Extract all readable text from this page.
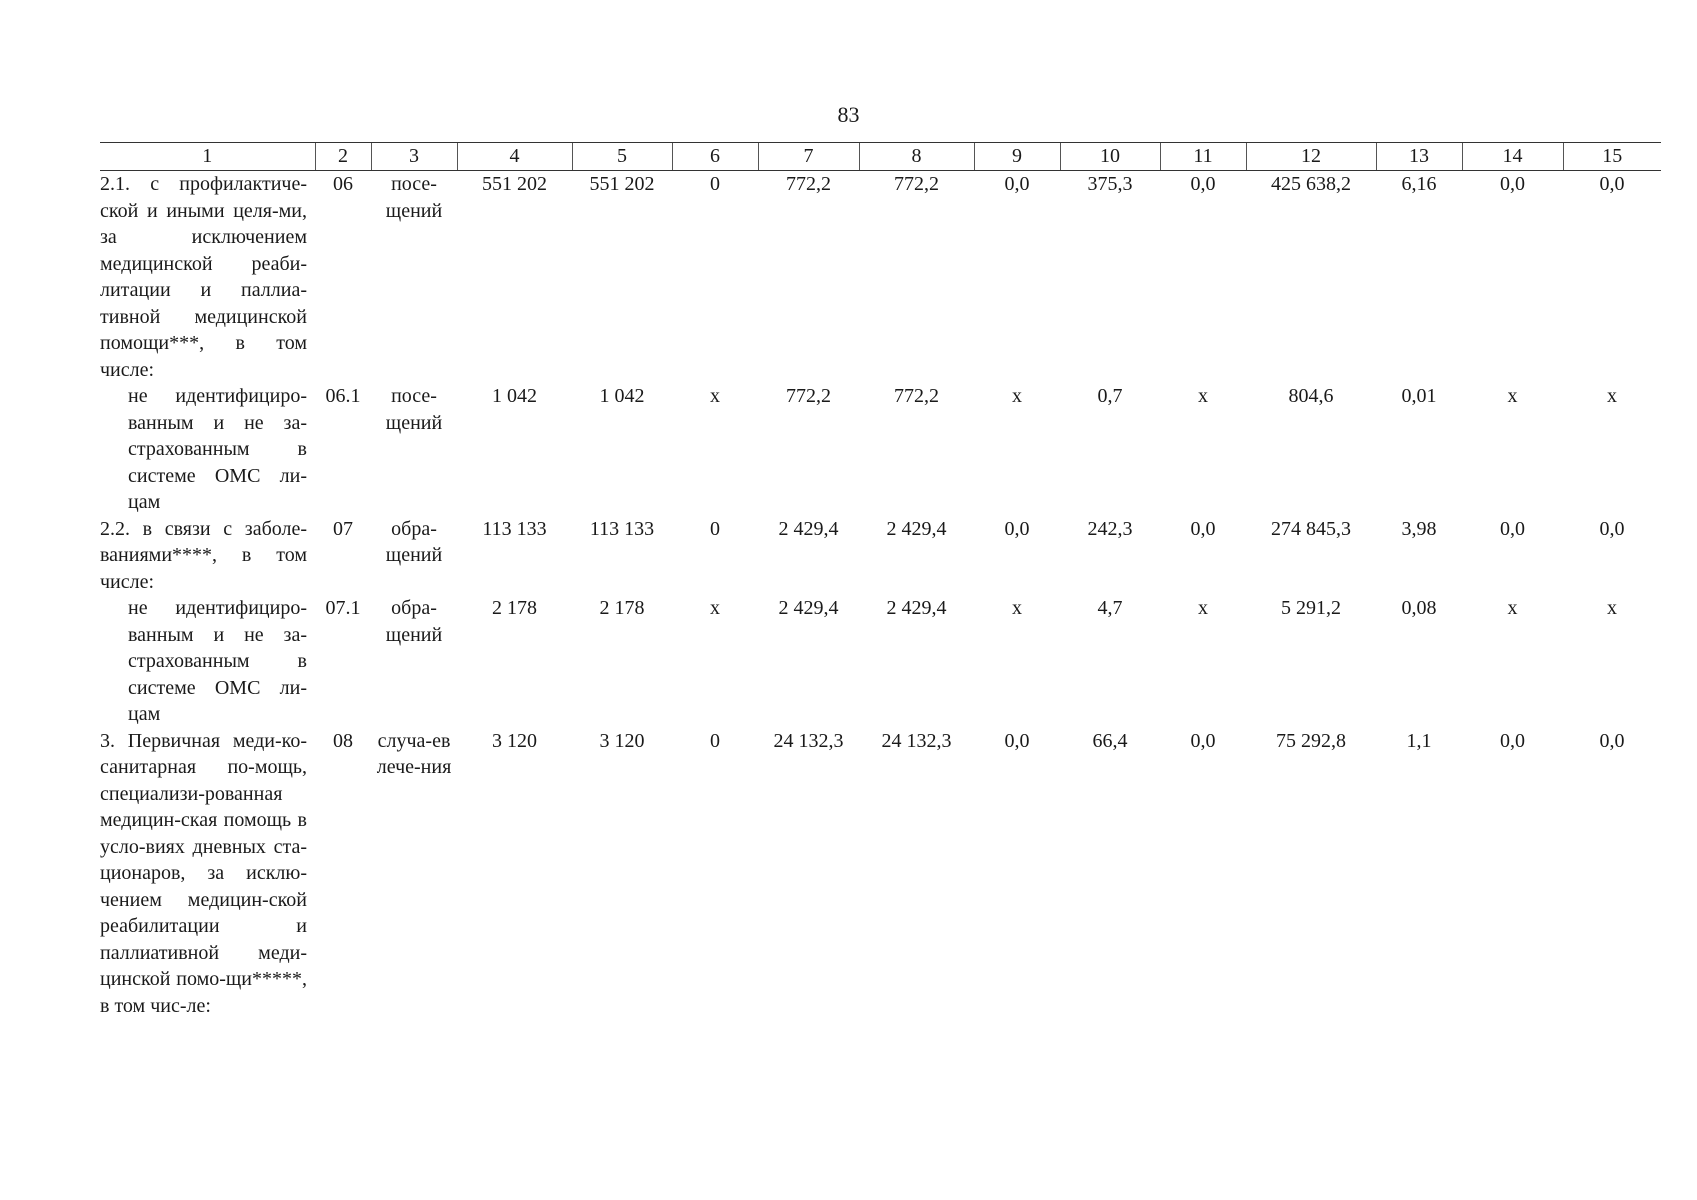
83
1	2	3	4	5	6	7	8	9	10	11	12	13	14	15
2.1. с профилактиче-ской и иными целя-ми, за исключением медицинской реаби-литации и паллиа-тивной медицинской помощи***, в том числе:	06	посе-щений	551 202	551 202	0	772,2	772,2	0,0	375,3	0,0	425 638,2	6,16	0,0	0,0
не идентифициро-ванным и не за-страхованным в системе ОМС ли-цам	06.1	посе-щений	1 042	1 042	х	772,2	772,2	х	0,7	х	804,6	0,01	х	х
2.2. в связи с заболе-ваниями****, в том числе:	07	обра-щений	113 133	113 133	0	2 429,4	2 429,4	0,0	242,3	0,0	274 845,3	3,98	0,0	0,0
не идентифициро-ванным и не за-страхованным в системе ОМС ли-цам	07.1	обра-щений	2 178	2 178	х	2 429,4	2 429,4	х	4,7	х	5 291,2	0,08	х	х
3. Первичная меди-ко-санитарная по-мощь, специализи-рованная медицин-ская помощь в усло-виях дневных ста-ционаров, за исклю-чением медицин-ской реабилитации и паллиативной меди-цинской помо-щи*****, в том чис-ле:	08	случа-ев лече-ния	3 120	3 120	0	24 132,3	24 132,3	0,0	66,4	0,0	75 292,8	1,1	0,0	0,0
